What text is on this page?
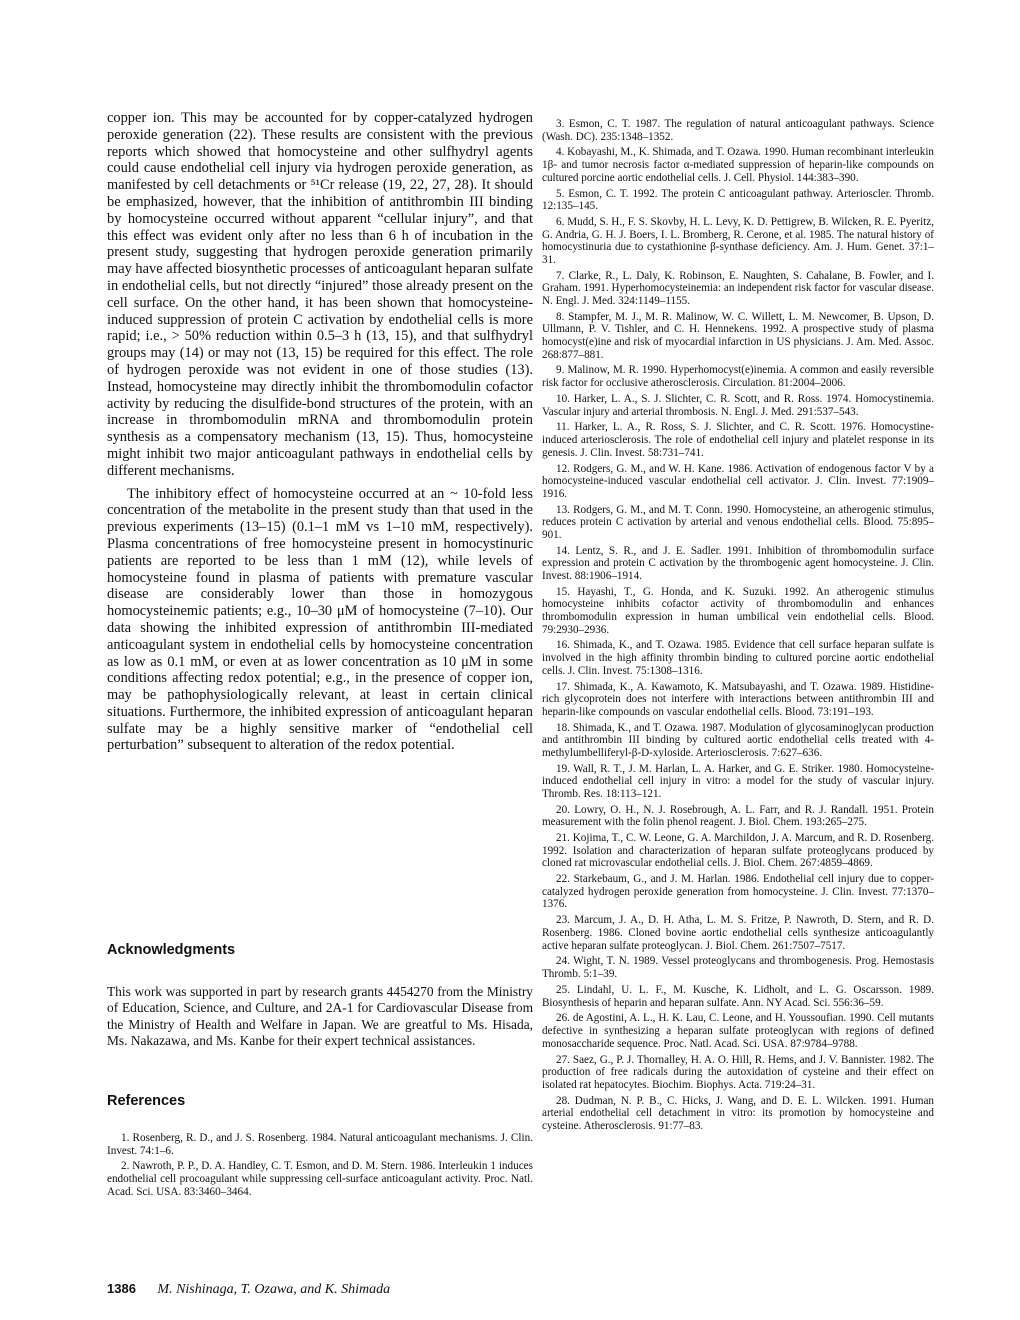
copper ion. This may be accounted for by copper-catalyzed hydrogen peroxide generation (22). These results are consistent with the previous reports which showed that homocysteine and other sulfhydryl agents could cause endothelial cell injury via hydrogen peroxide generation, as manifested by cell detachments or ⁵¹Cr release (19, 22, 27, 28). It should be emphasized, however, that the inhibition of antithrombin III binding by homocysteine occurred without apparent “cellular injury”, and that this effect was evident only after no less than 6 h of incubation in the present study, suggesting that hydrogen peroxide generation primarily may have affected biosynthetic processes of anticoagulant heparan sulfate in endothelial cells, but not directly “injured” those already present on the cell surface. On the other hand, it has been shown that homocysteine-induced suppression of protein C activation by endothelial cells is more rapid; i.e., > 50% reduction within 0.5–3 h (13, 15), and that sulfhydryl groups may (14) or may not (13, 15) be required for this effect. The role of hydrogen peroxide was not evident in one of those studies (13). Instead, homocysteine may directly inhibit the thrombomodulin cofactor activity by reducing the disulfide-bond structures of the protein, with an increase in thrombomodulin mRNA and thrombomodulin protein synthesis as a compensatory mechanism (13, 15). Thus, homocysteine might inhibit two major anticoagulant pathways in endothelial cells by different mechanisms.

The inhibitory effect of homocysteine occurred at an ~ 10-fold less concentration of the metabolite in the present study than that used in the previous experiments (13–15) (0.1–1 mM vs 1–10 mM, respectively). Plasma concentrations of free homocysteine present in homocystinuric patients are reported to be less than 1 mM (12), while levels of homocysteine found in plasma of patients with premature vascular disease are considerably lower than those in homozygous homocysteinemic patients; e.g., 10–30 μM of homocysteine (7–10). Our data showing the inhibited expression of antithrombin III-mediated anticoagulant system in endothelial cells by homocysteine concentration as low as 0.1 mM, or even at as lower concentration as 10 μM in some conditions affecting redox potential; e.g., in the presence of copper ion, may be pathophysiologically relevant, at least in certain clinical situations. Furthermore, the inhibited expression of anticoagulant heparan sulfate may be a highly sensitive marker of “endothelial cell perturbation” subsequent to alteration of the redox potential.

Acknowledgments

This work was supported in part by research grants 4454270 from the Ministry of Education, Science, and Culture, and 2A-1 for Cardiovascular Disease from the Ministry of Health and Welfare in Japan. We are greatful to Ms. Hisada, Ms. Nakazawa, and Ms. Kanbe for their expert technical assistances.

References

1. Rosenberg, R. D., and J. S. Rosenberg. 1984. Natural anticoagulant mechanisms. J. Clin. Invest. 74:1–6.

2. Nawroth, P. P., D. A. Handley, C. T. Esmon, and D. M. Stern. 1986. Interleukin 1 induces endothelial cell procoagulant while suppressing cell-surface anticoagulant activity. Proc. Natl. Acad. Sci. USA. 83:3460–3464.

3. Esmon, C. T. 1987. The regulation of natural anticoagulant pathways. Science (Wash. DC). 235:1348–1352.

4. Kobayashi, M., K. Shimada, and T. Ozawa. 1990. Human recombinant interleukin 1β- and tumor necrosis factor α-mediated suppression of heparin-like compounds on cultured porcine aortic endothelial cells. J. Cell. Physiol. 144:383–390.

5. Esmon, C. T. 1992. The protein C anticoagulant pathway. Arterioscler. Thromb. 12:135–145.

6. Mudd, S. H., F. S. Skovby, H. L. Levy, K. D. Pettigrew, B. Wilcken, R. E. Pyeritz, G. Andria, G. H. J. Boers, I. L. Bromberg, R. Cerone, et al. 1985. The natural history of homocystinuria due to cystathionine β-synthase deficiency. Am. J. Hum. Genet. 37:1–31.

7. Clarke, R., L. Daly, K. Robinson, E. Naughten, S. Cahalane, B. Fowler, and I. Graham. 1991. Hyperhomocysteinemia: an independent risk factor for vascular disease. N. Engl. J. Med. 324:1149–1155.

8. Stampfer, M. J., M. R. Malinow, W. C. Willett, L. M. Newcomer, B. Upson, D. Ullmann, P. V. Tishler, and C. H. Hennekens. 1992. A prospective study of plasma homocyst(e)ine and risk of myocardial infarction in US physicians. J. Am. Med. Assoc. 268:877–881.

9. Malinow, M. R. 1990. Hyperhomocyst(e)inemia. A common and easily reversible risk factor for occlusive atherosclerosis. Circulation. 81:2004–2006.

10. Harker, L. A., S. J. Slichter, C. R. Scott, and R. Ross. 1974. Homocystinemia. Vascular injury and arterial thrombosis. N. Engl. J. Med. 291:537–543.

11. Harker, L. A., R. Ross, S. J. Slichter, and C. R. Scott. 1976. Homocystine-induced arteriosclerosis. The role of endothelial cell injury and platelet response in its genesis. J. Clin. Invest. 58:731–741.

12. Rodgers, G. M., and W. H. Kane. 1986. Activation of endogenous factor V by a homocysteine-induced vascular endothelial cell activator. J. Clin. Invest. 77:1909–1916.

13. Rodgers, G. M., and M. T. Conn. 1990. Homocysteine, an atherogenic stimulus, reduces protein C activation by arterial and venous endothelial cells. Blood. 75:895–901.

14. Lentz, S. R., and J. E. Sadler. 1991. Inhibition of thrombomodulin surface expression and protein C activation by the thrombogenic agent homocysteine. J. Clin. Invest. 88:1906–1914.

15. Hayashi, T., G. Honda, and K. Suzuki. 1992. An atherogenic stimulus homocysteine inhibits cofactor activity of thrombomodulin and enhances thrombomodulin expression in human umbilical vein endothelial cells. Blood. 79:2930–2936.

16. Shimada, K., and T. Ozawa. 1985. Evidence that cell surface heparan sulfate is involved in the high affinity thrombin binding to cultured porcine aortic endothelial cells. J. Clin. Invest. 75:1308–1316.

17. Shimada, K., A. Kawamoto, K. Matsubayashi, and T. Ozawa. 1989. Histidine-rich glycoprotein does not interfere with interactions between antithrombin III and heparin-like compounds on vascular endothelial cells. Blood. 73:191–193.

18. Shimada, K., and T. Ozawa. 1987. Modulation of glycosaminoglycan production and antithrombin III binding by cultured aortic endothelial cells treated with 4-methylumbelliferyl-β-D-xyloside. Arteriosclerosis. 7:627–636.

19. Wall, R. T., J. M. Harlan, L. A. Harker, and G. E. Striker. 1980. Homocysteine-induced endothelial cell injury in vitro: a model for the study of vascular injury. Thromb. Res. 18:113–121.

20. Lowry, O. H., N. J. Rosebrough, A. L. Farr, and R. J. Randall. 1951. Protein measurement with the folin phenol reagent. J. Biol. Chem. 193:265–275.

21. Kojima, T., C. W. Leone, G. A. Marchildon, J. A. Marcum, and R. D. Rosenberg. 1992. Isolation and characterization of heparan sulfate proteoglycans produced by cloned rat microvascular endothelial cells. J. Biol. Chem. 267:4859–4869.

22. Starkebaum, G., and J. M. Harlan. 1986. Endothelial cell injury due to copper-catalyzed hydrogen peroxide generation from homocysteine. J. Clin. Invest. 77:1370–1376.

23. Marcum, J. A., D. H. Atha, L. M. S. Fritze, P. Nawroth, D. Stern, and R. D. Rosenberg. 1986. Cloned bovine aortic endothelial cells synthesize anticoagulantly active heparan sulfate proteoglycan. J. Biol. Chem. 261:7507–7517.

24. Wight, T. N. 1989. Vessel proteoglycans and thrombogenesis. Prog. Hemostasis Thromb. 5:1–39.

25. Lindahl, U. L. F., M. Kusche, K. Lidholt, and L. G. Oscarsson. 1989. Biosynthesis of heparin and heparan sulfate. Ann. NY Acad. Sci. 556:36–59.

26. de Agostini, A. L., H. K. Lau, C. Leone, and H. Youssoufian. 1990. Cell mutants defective in synthesizing a heparan sulfate proteoglycan with regions of defined monosaccharide sequence. Proc. Natl. Acad. Sci. USA. 87:9784–9788.

27. Saez, G., P. J. Thornalley, H. A. O. Hill, R. Hems, and J. V. Bannister. 1982. The production of free radicals during the autoxidation of cysteine and their effect on isolated rat hepatocytes. Biochim. Biophys. Acta. 719:24–31.

28. Dudman, N. P. B., C. Hicks, J. Wang, and D. E. L. Wilcken. 1991. Human arterial endothelial cell detachment in vitro: its promotion by homocysteine and cysteine. Atherosclerosis. 91:77–83.

1386 M. Nishinaga, T. Ozawa, and K. Shimada
